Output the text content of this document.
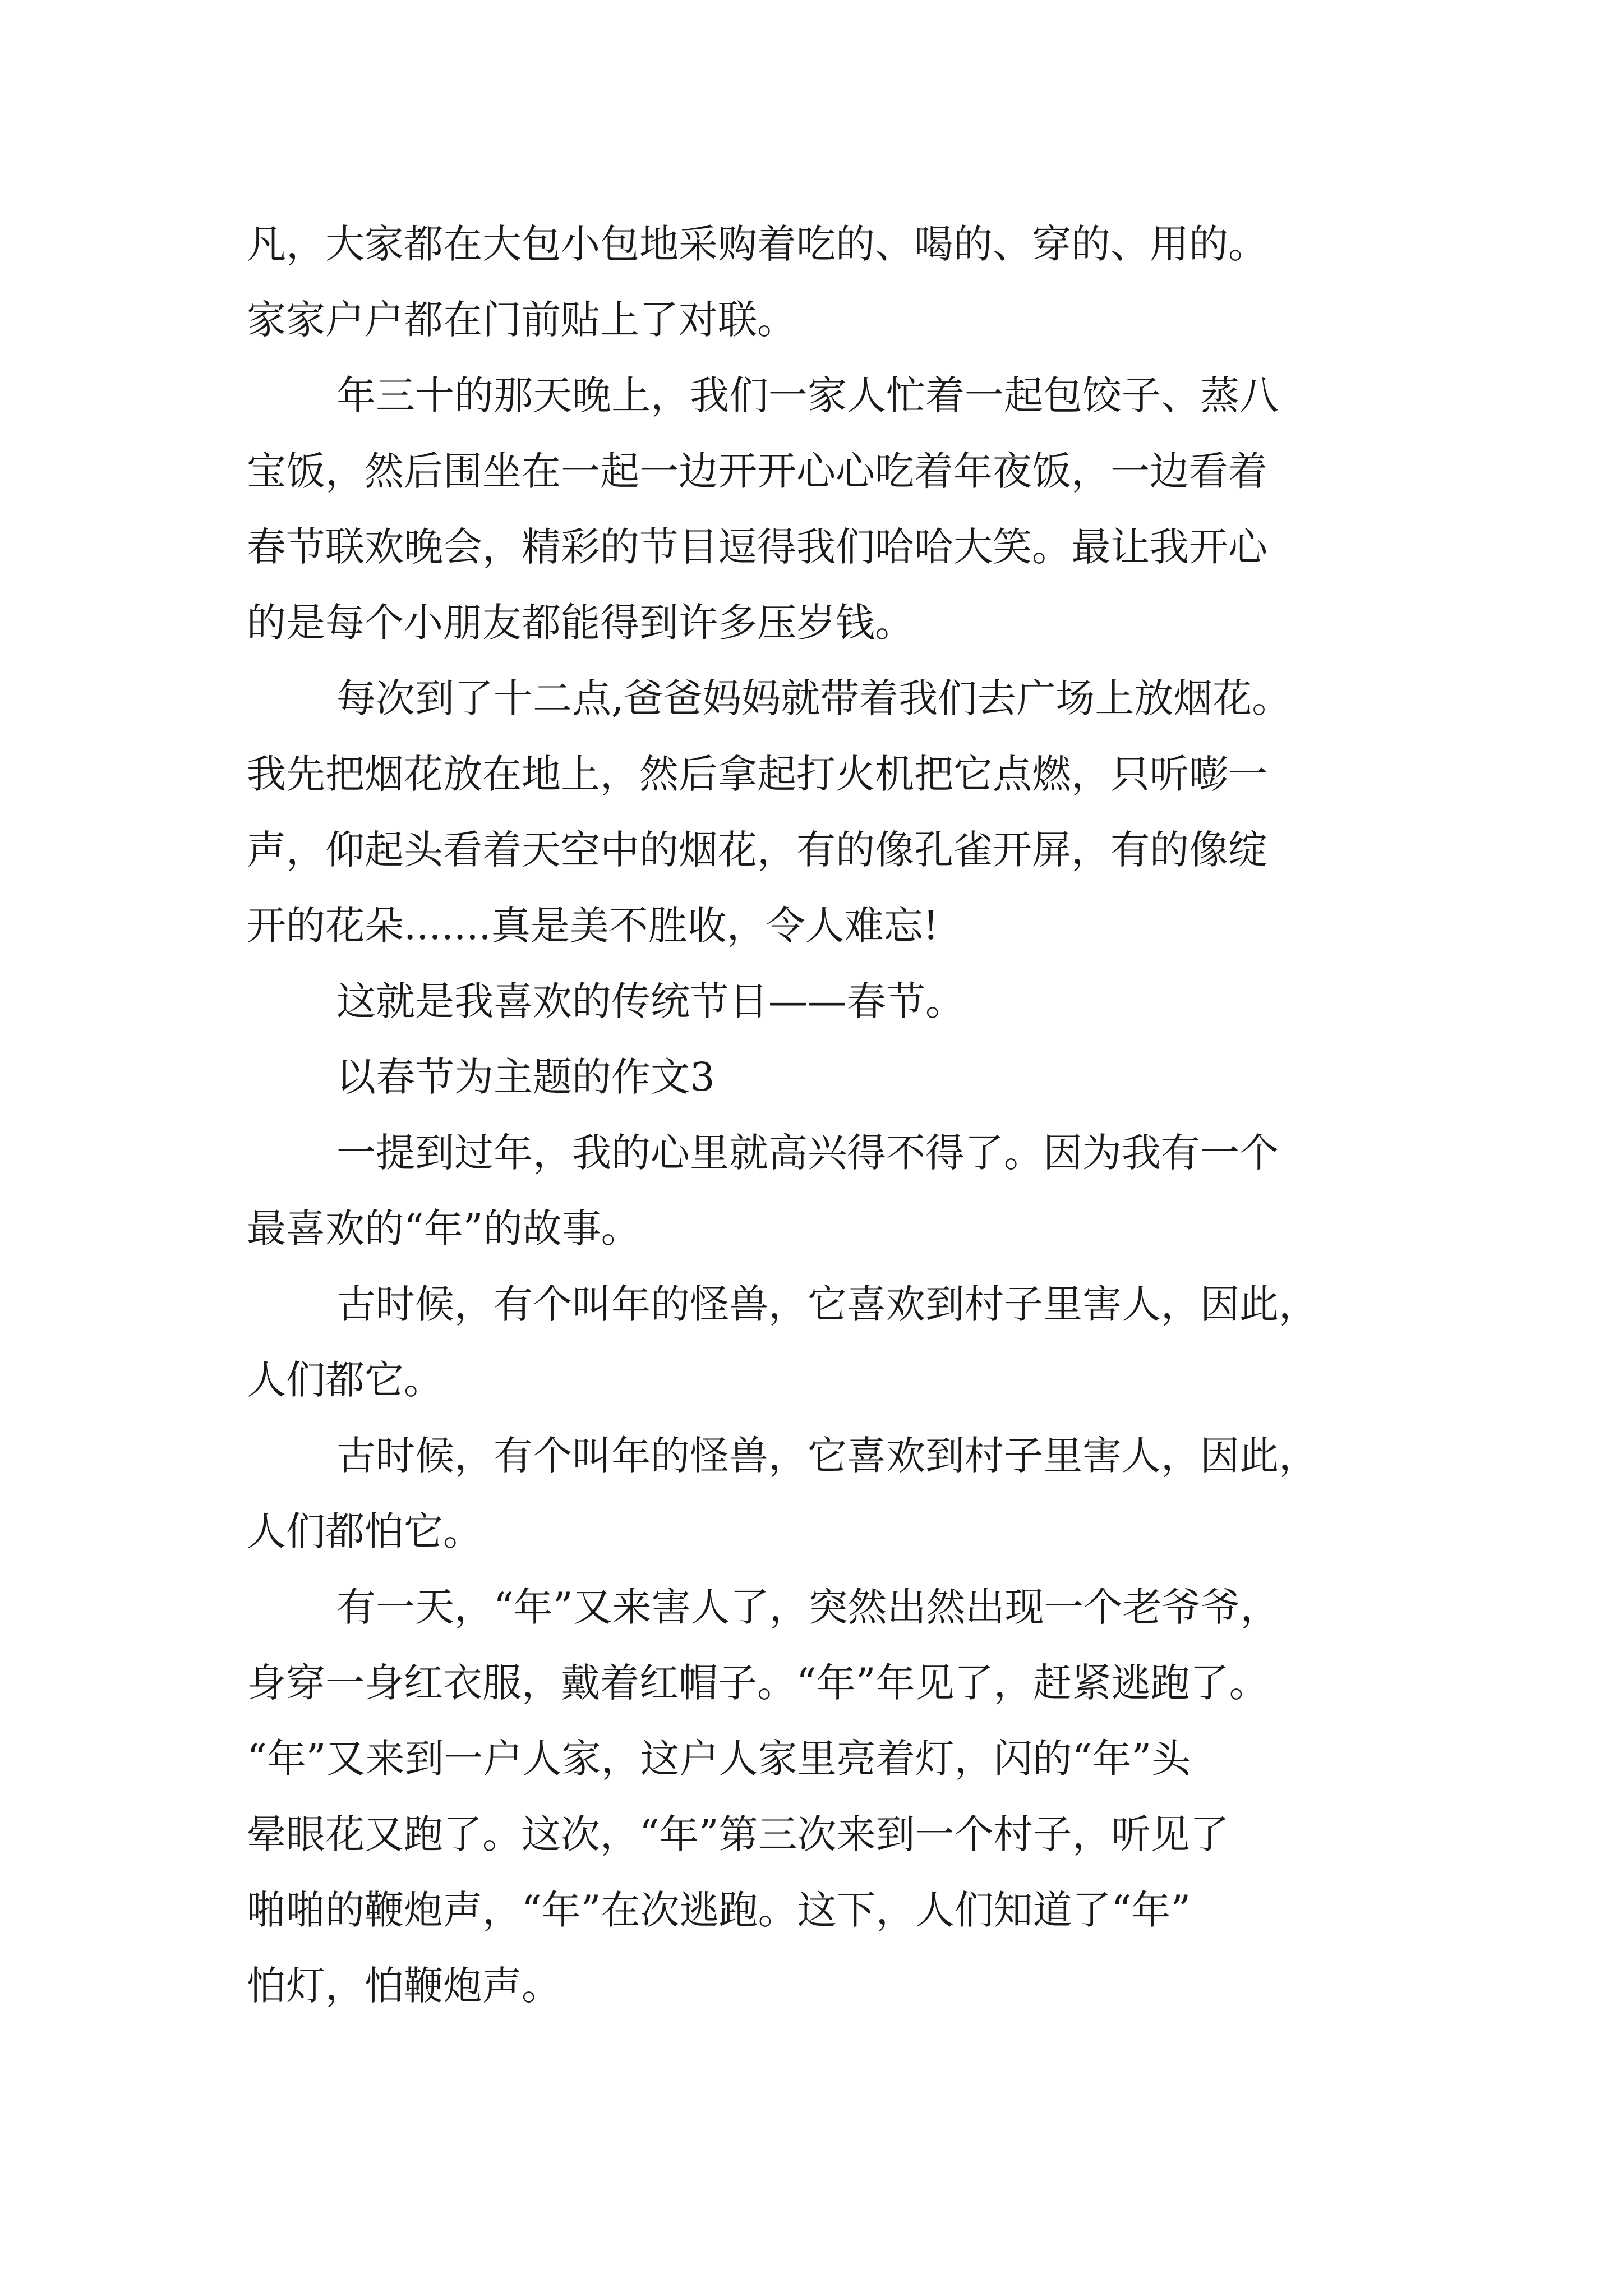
凡，大家都在大包小包地采购着吃的、喝的、穿的、用的。

家家户户都在门前贴上了对联。

年三十的那天晚上，我们一家人忙着一起包饺子、蒸八

宝饭，然后围坐在一起一边开开心心吃着年夜饭，一边看着

春节联欢晚会，精彩的节目逗得我们哈哈大笑。最让我开心

的是每个小朋友都能得到许多压岁钱。

每次到了十二点,爸爸妈妈就带着我们去广场上放烟花。

我先把烟花放在地上，然后拿起打火机把它点燃，只听嘭一

声，仰起头看着天空中的烟花，有的像孔雀开屏，有的像绽

开的花朵.......真是美不胜收，令人难忘!

这就是我喜欢的传统节日——春节。

以春节为主题的作文3

一提到过年，我的心里就高兴得不得了。因为我有一个

最喜欢的“年”的故事。

古时候，有个叫年的怪兽，它喜欢到村子里害人，因此，

人们都它。

古时候，有个叫年的怪兽，它喜欢到村子里害人，因此，

人们都怕它。

有一天，“年”又来害人了，突然出然出现一个老爷爷，

身穿一身红衣服，戴着红帽子。“年”年见了，赶紧逃跑了。

“年”又来到一户人家，这户人家里亮着灯，闪的“年”头

晕眼花又跑了。这次，“年”第三次来到一个村子，听见了

啪啪的鞭炮声，“年”在次逃跑。这下，人们知道了“年”

怕灯，怕鞭炮声。
